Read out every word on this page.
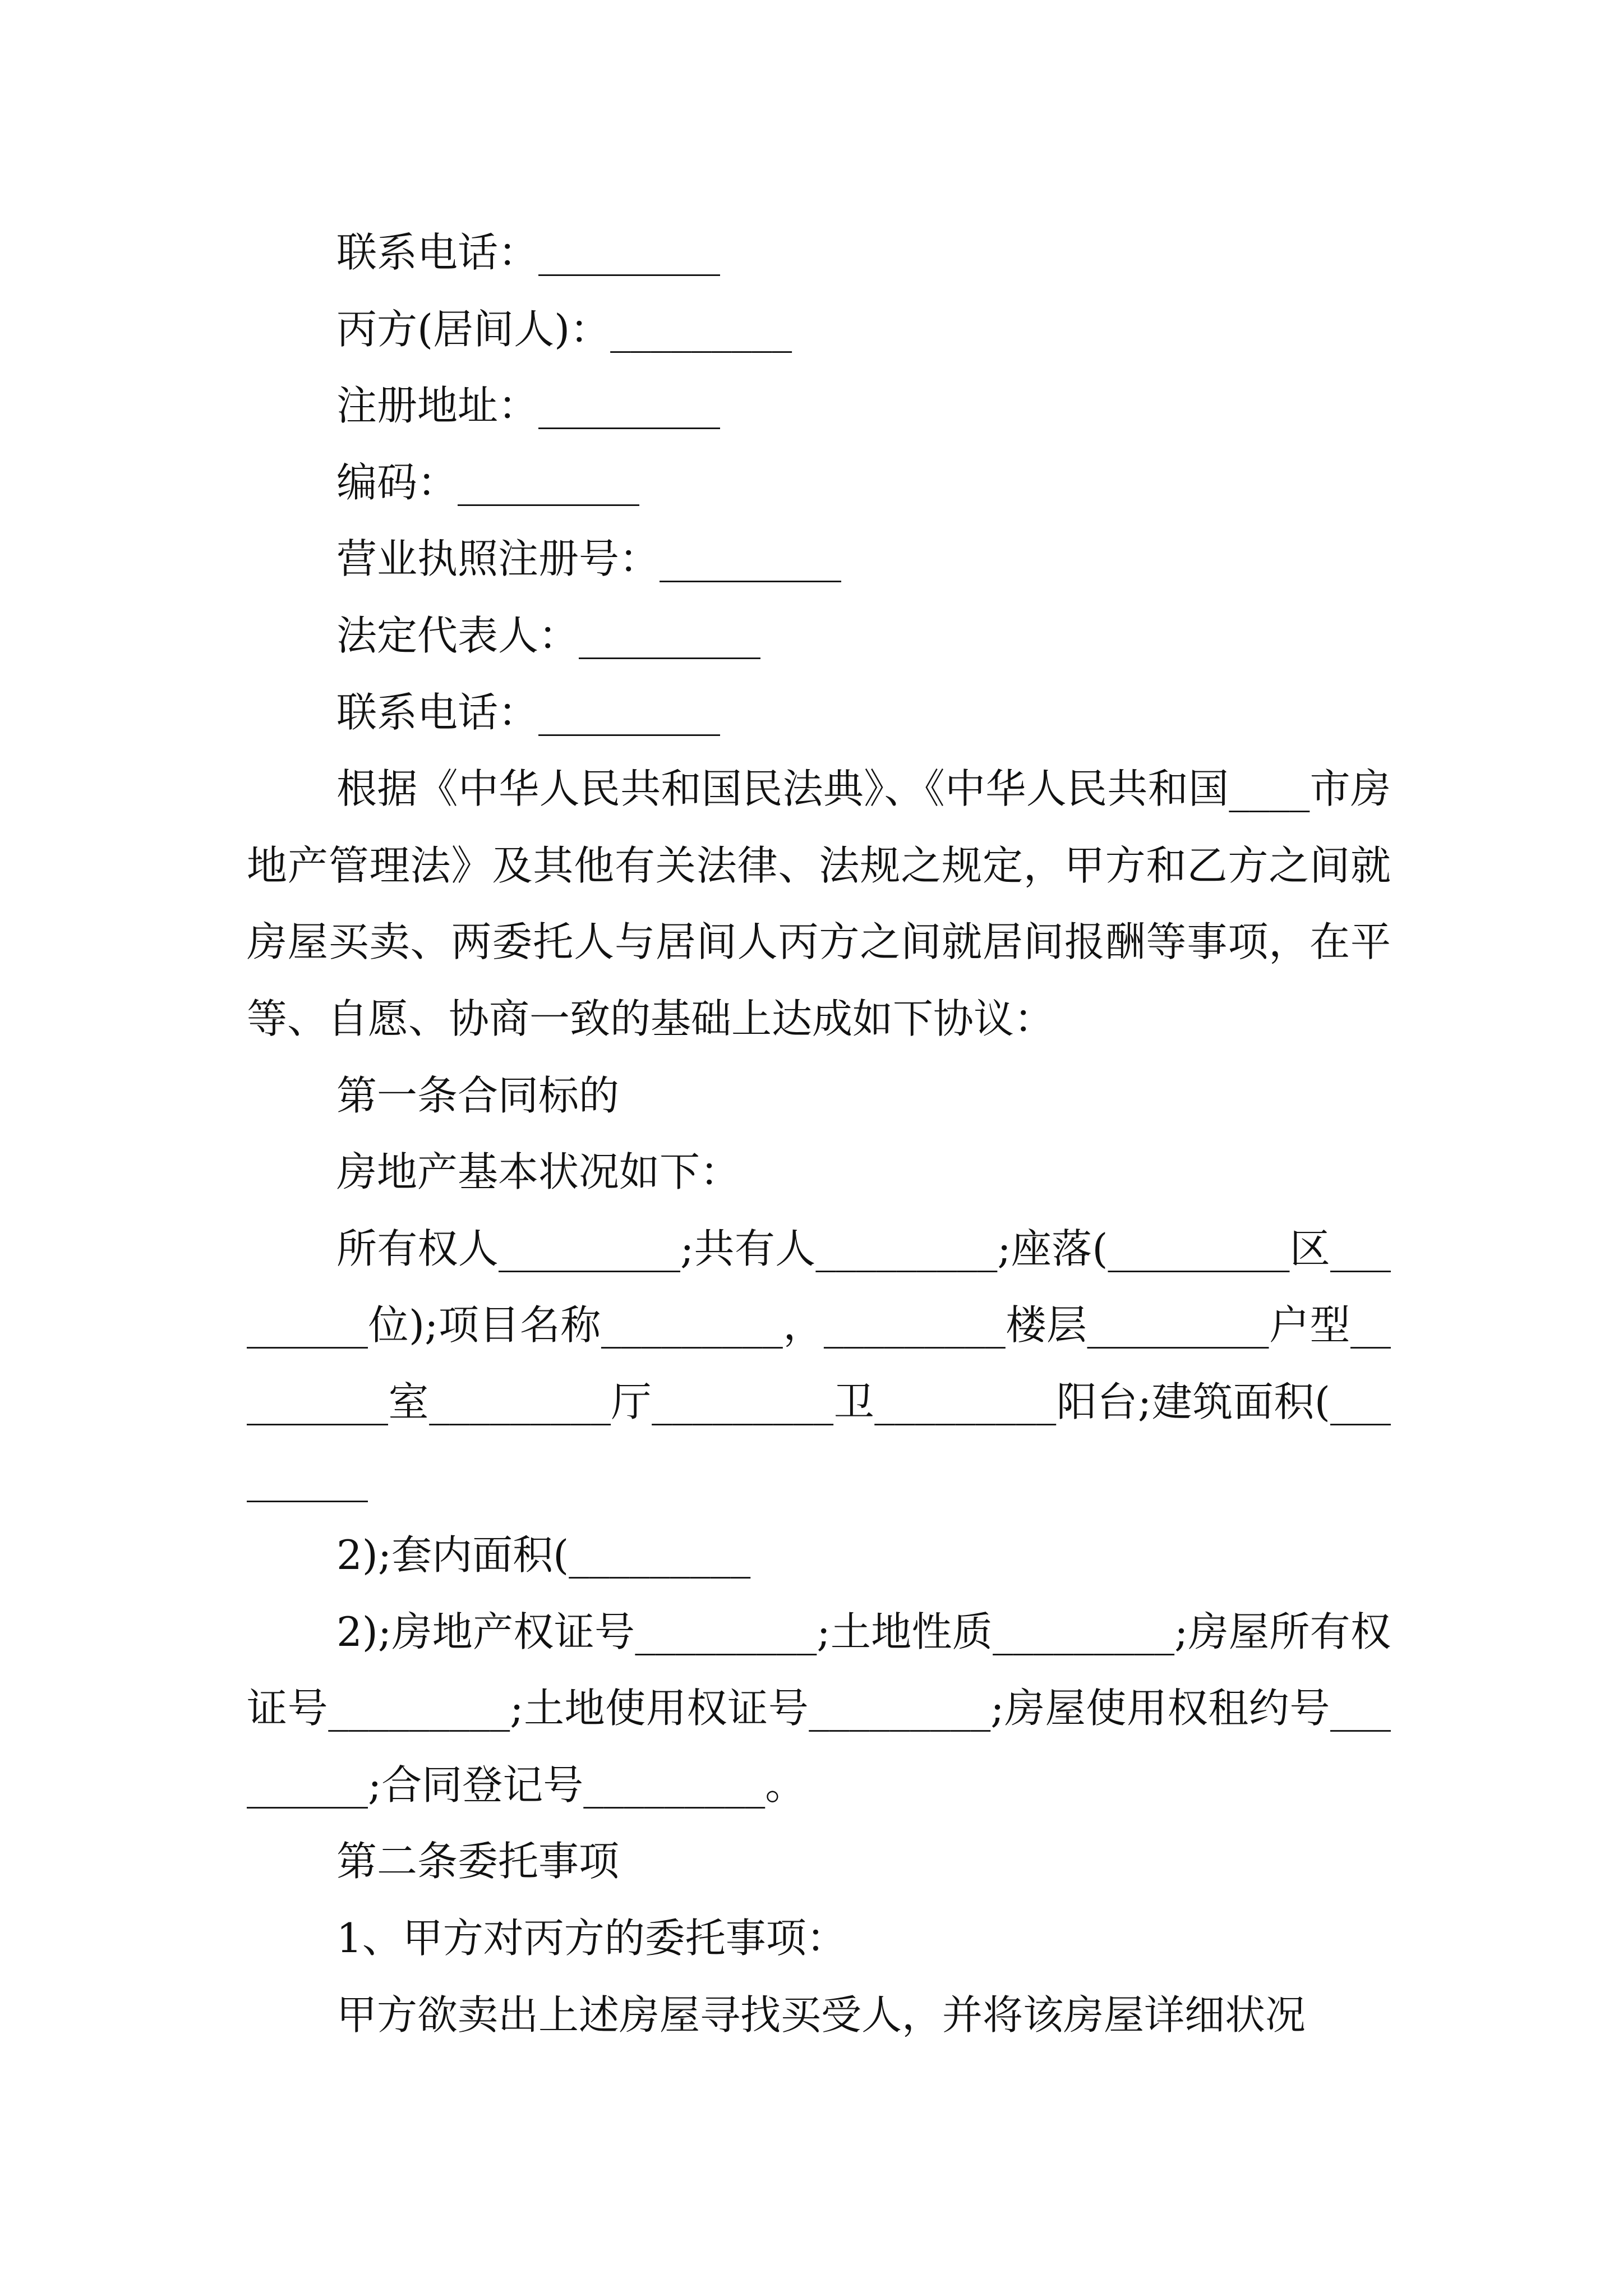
联系电话：_________
丙方(居间人)：_________
注册地址：_________
编码：_________
营业执照注册号：_________
法定代表人：_________
联系电话：_________

根据《中华人民共和国民法典》、《中华人民共和国____市房地产管理法》及其他有关法律、法规之规定，甲方和乙方之间就房屋买卖、两委托人与居间人丙方之间就居间报酬等事项，在平等、自愿、协商一致的基础上达成如下协议：

第一条合同标的
房地产基本状况如下：

所有权人_________;共有人_________;座落(_________区_________位);项目名称_________，_________楼层_________户型_________室_________厅_________卫_________阳台;建筑面积(_________

2);套内面积(_________

2);房地产权证号_________;土地性质_________;房屋所有权证号_________;土地使用权证号_________;房屋使用权租约号_________;合同登记号_________。

第二条委托事项
1、甲方对丙方的委托事项：
甲方欲卖出上述房屋寻找买受人，并将该房屋详细状况
